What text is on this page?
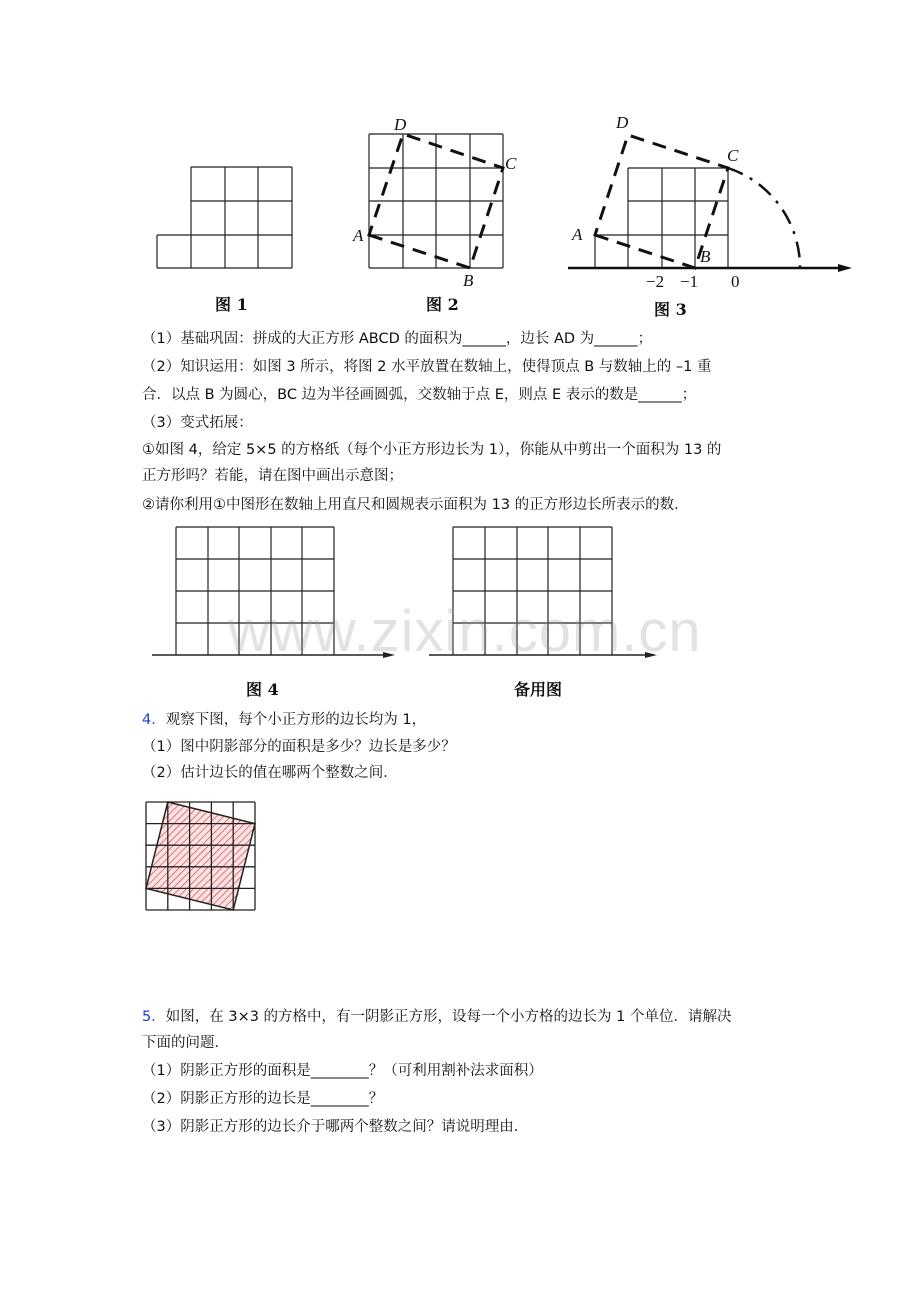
A
B
C
D
A
B
C
D
−2 −1 0
图 1	图 2	图 3
（1）基础巩固：拼成的大正方形 ABCD 的面积为______，边长 AD 为______；
（2）知识运用：如图 3 所示，将图 2 水平放置在数轴上，使得顶点 B 与数轴上的 –1 重
合．以点 B 为圆心，BC 边为半径画圆弧，交数轴于点 E，则点 E 表示的数是______；
（3）变式拓展：
①如图 4，给定 5×5 的方格纸（每个小正方形边长为 1），你能从中剪出一个面积为 13 的
正方形吗？若能，请在图中画出示意图；
②请你利用①中图形在数轴上用直尺和圆规表示面积为 13 的正方形边长所表示的数．
www.zixin.com.cn
图 4	备用图
4．观察下图，每个小正方形的边长均为 1，
（1）图中阴影部分的面积是多少？边长是多少？
（2）估计边长的值在哪两个整数之间．
5．如图，在 3×3 的方格中，有一阴影正方形，设每一个小方格的边长为 1 个单位．请解决
下面的问题．
（1）阴影正方形的面积是________？（可利用割补法求面积）
（2）阴影正方形的边长是________？
（3）阴影正方形的边长介于哪两个整数之间？请说明理由．
